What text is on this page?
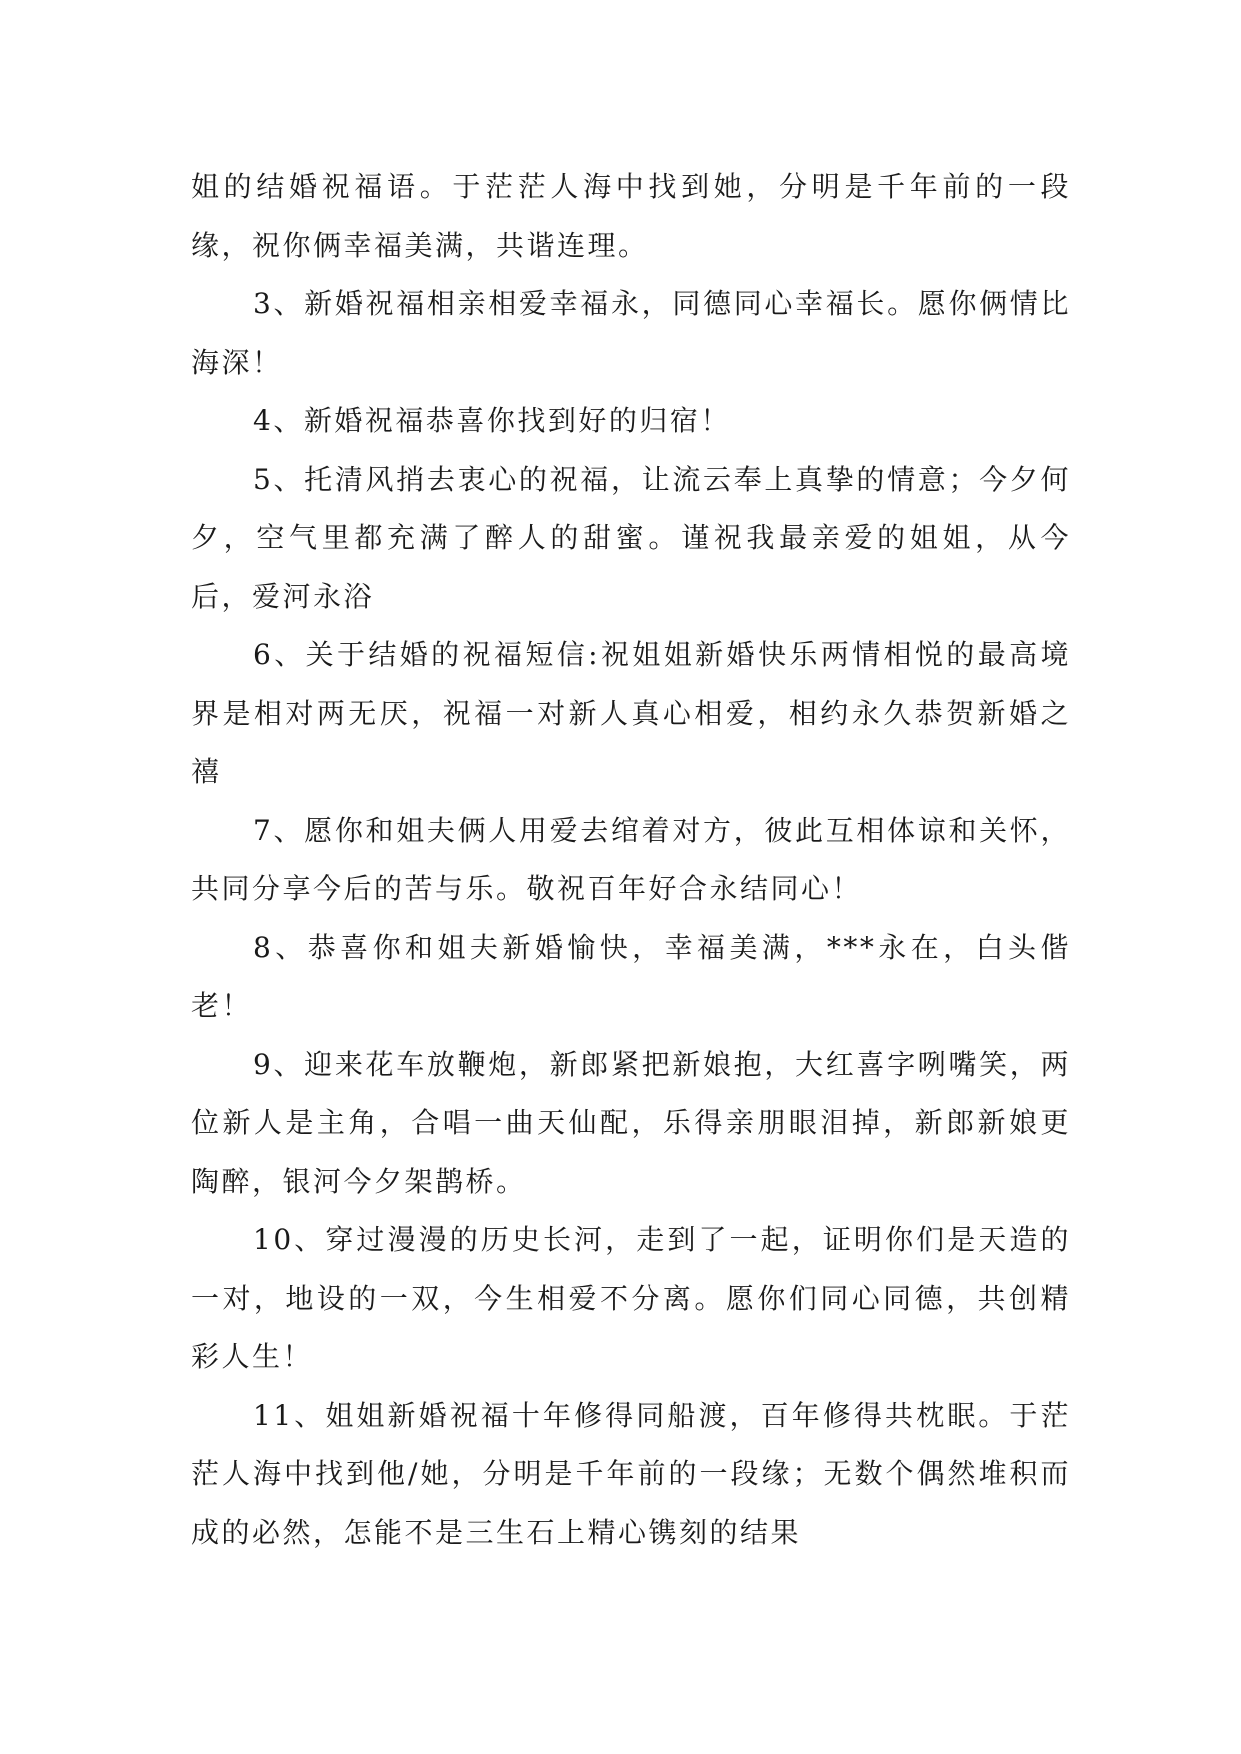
姐的结婚祝福语。于茫茫人海中找到她，分明是千年前的一段缘，祝你俩幸福美满，共谐连理。

3、新婚祝福相亲相爱幸福永，同德同心幸福长。愿你俩情比海深！

4、新婚祝福恭喜你找到好的归宿！

5、托清风捎去衷心的祝福，让流云奉上真挚的情意；今夕何夕，空气里都充满了醉人的甜蜜。谨祝我最亲爱的姐姐，从今后，爱河永浴

6、关于结婚的祝福短信:祝姐姐新婚快乐两情相悦的最高境界是相对两无厌，祝福一对新人真心相爱，相约永久恭贺新婚之禧

7、愿你和姐夫俩人用爱去绾着对方，彼此互相体谅和关怀，共同分享今后的苦与乐。敬祝百年好合永结同心！

8、恭喜你和姐夫新婚愉快，幸福美满，***永在，白头偕老！

9、迎来花车放鞭炮，新郎紧把新娘抱，大红喜字咧嘴笑，两位新人是主角，合唱一曲天仙配，乐得亲朋眼泪掉，新郎新娘更陶醉，银河今夕架鹊桥。

10、穿过漫漫的历史长河，走到了一起，证明你们是天造的一对，地设的一双，今生相爱不分离。愿你们同心同德，共创精彩人生！

11、姐姐新婚祝福十年修得同船渡，百年修得共枕眠。于茫茫人海中找到他/她，分明是千年前的一段缘；无数个偶然堆积而成的必然，怎能不是三生石上精心镌刻的结果
